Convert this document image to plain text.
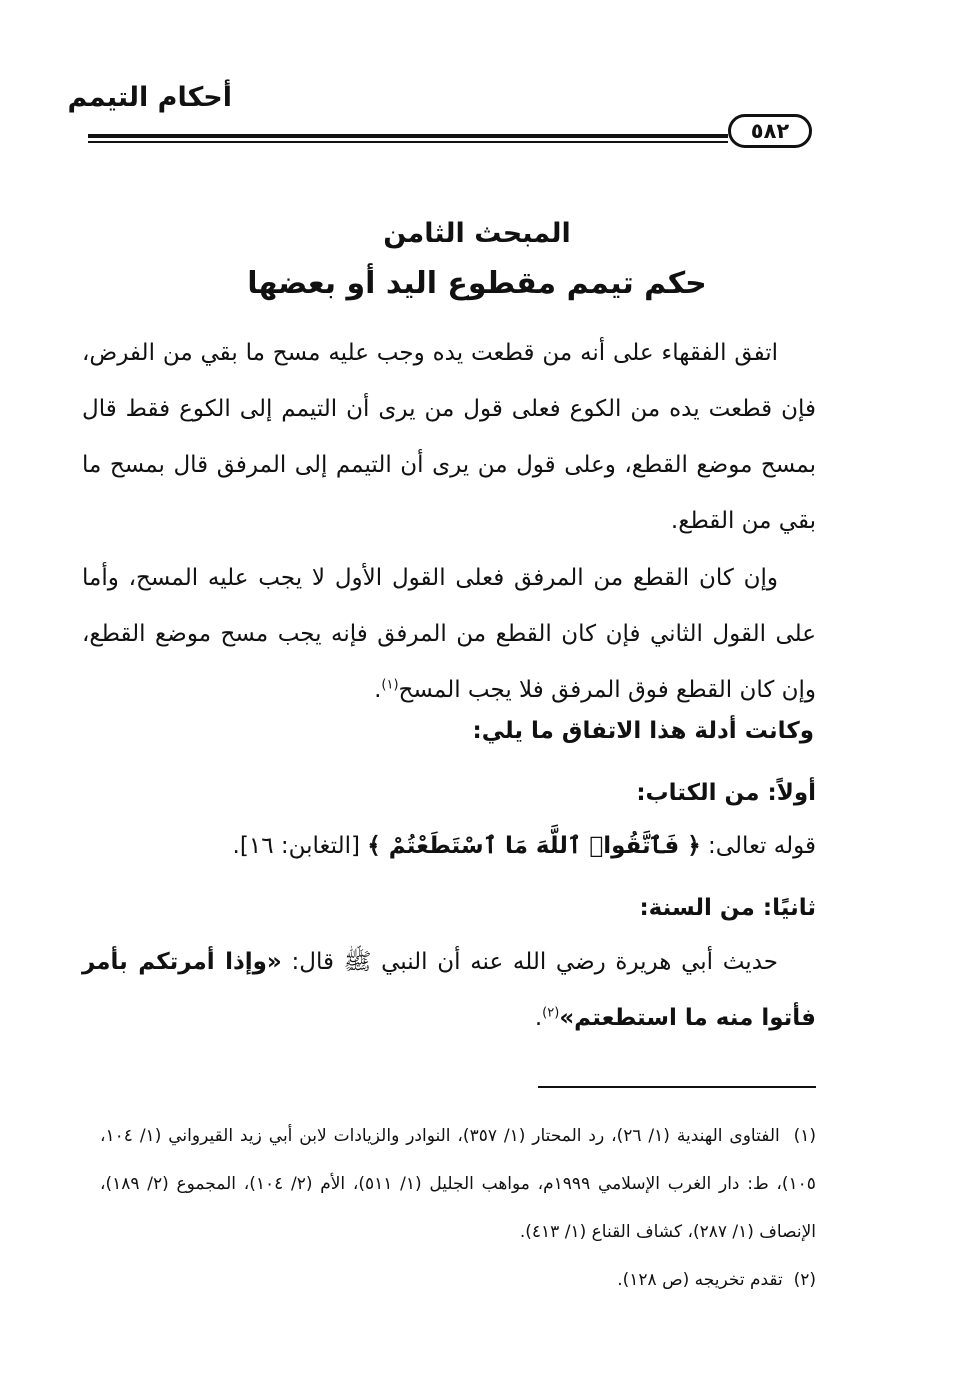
أحكام التيمم
٥٨٢
المبحث الثامن
حكم تيمم مقطوع اليد أو بعضها
اتفق الفقهاء على أنه من قطعت يده وجب عليه مسح ما بقي من الفرض، فإن قطعت يده من الكوع فعلى قول من يرى أن التيمم إلى الكوع فقط قال بمسح موضع القطع، وعلى قول من يرى أن التيمم إلى المرفق قال بمسح ما بقي من القطع.
وإن كان القطع من المرفق فعلى القول الأول لا يجب عليه المسح، وأما على القول الثاني فإن كان القطع من المرفق فإنه يجب مسح موضع القطع، وإن كان القطع فوق المرفق فلا يجب المسح$^{(١)}$.
وكانت أدلة هذا الاتفاق ما يلي:
أولاً: من الكتاب:
قوله تعالى: ﴿ فَٱتَّقُوا۟ ٱللَّهَ مَا ٱسْتَطَعْتُمْ ﴾ [التغابن: ١٦].
ثانيًا: من السنة:
حديث أبي هريرة رضي الله عنه أن النبي ﷺ قال: «وإذا أمرتكم بأمر فأتوا منه ما استطعتم»$^{(٢)}$.

(١)  الفتاوى الهندية (١/ ٢٦)، رد المحتار (١/ ٣٥٧)، النوادر والزيادات لابن أبي زيد القيرواني (١/ ١٠٤، ١٠٥)، ط: دار الغرب الإسلامي ١٩٩٩م، مواهب الجليل (١/ ٥١١)، الأم (٢/ ١٠٤)، المجموع (٢/ ١٨٩)، الإنصاف (١/ ٢٨٧)، كشاف القناع (١/ ٤١٣).

(٢)  تقدم تخريجه (ص ١٢٨).
